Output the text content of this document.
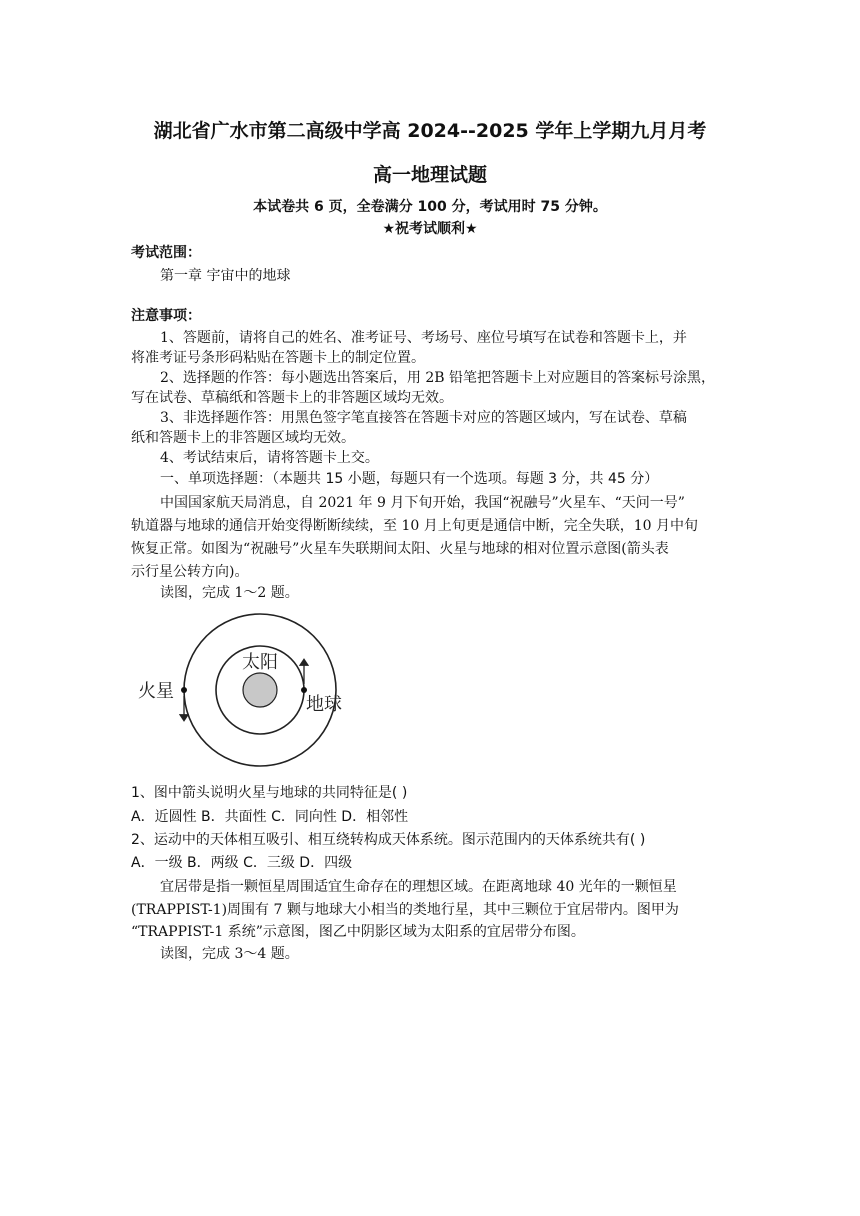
湖北省广水市第二高级中学高 2024--2025 学年上学期九月月考
高一地理试题
本试卷共 6 页，全卷满分 100 分，考试用时 75 分钟。
★祝考试顺利★
考试范围：
第一章 宇宙中的地球
注意事项：
1、答题前，请将自己的姓名、准考证号、考场号、座位号填写在试卷和答题卡上，并
将准考证号条形码粘贴在答题卡上的制定位置。
2、选择题的作答：每小题选出答案后，用 2B 铅笔把答题卡上对应题目的答案标号涂黑，
写在试卷、草稿纸和答题卡上的非答题区域均无效。
3、非选择题作答：用黑色签字笔直接答在答题卡对应的答题区域内，写在试卷、草稿
纸和答题卡上的非答题区域均无效。
4、考试结束后，请将答题卡上交。
一、单项选择题：（本题共 15 小题，每题只有一个选项。每题 3 分，共 45 分）
中国国家航天局消息，自 2021 年 9 月下旬开始，我国“祝融号”火星车、“天问一号”
轨道器与地球的通信开始变得断断续续，至 10 月上旬更是通信中断，完全失联，10 月中旬
恢复正常。如图为“祝融号”火星车失联期间太阳、火星与地球的相对位置示意图(箭头表
示行星公转方向)。
读图，完成 1～2 题。
太阳
火星
地球
1、图中箭头说明火星与地球的共同特征是( )
A．近圆性 B．共面性 C．同向性 D．相邻性
2、运动中的天体相互吸引、相互绕转构成天体系统。图示范围内的天体系统共有( )
A．一级 B．两级 C．三级 D．四级
宜居带是指一颗恒星周围适宜生命存在的理想区域。在距离地球 40 光年的一颗恒星
(TRAPPIST-1)周围有 7 颗与地球大小相当的类地行星，其中三颗位于宜居带内。图甲为
“TRAPPIST-1 系统”示意图，图乙中阴影区域为太阳系的宜居带分布图。
读图，完成 3～4 题。
